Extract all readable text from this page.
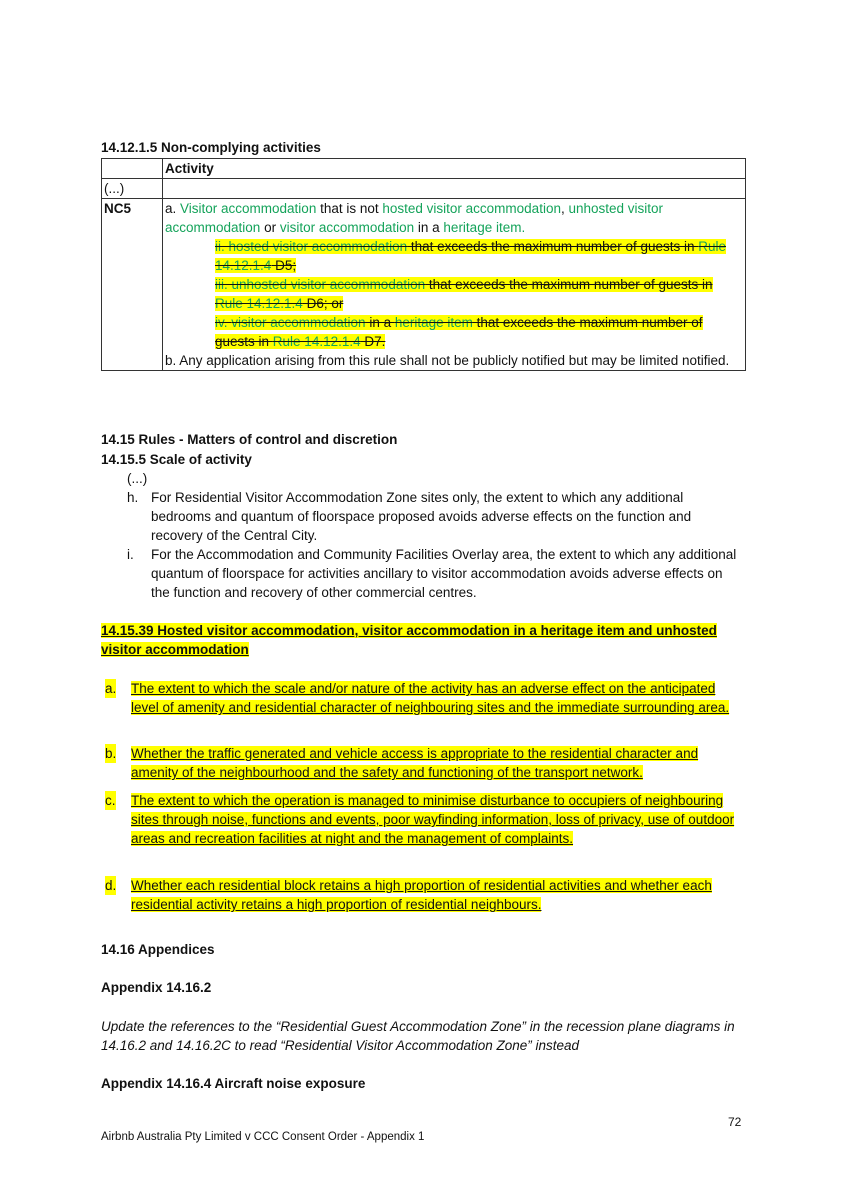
14.12.1.5 Non-complying activities
	Activity
(...)	
NC5	a. Visitor accommodation that is not hosted visitor accommodation, unhosted visitor accommodation or visitor accommodation in a heritage item.
ii. hosted visitor accommodation that exceeds the maximum number of guests in Rule 14.12.1.4 D5;
iii. unhosted visitor accommodation that exceeds the maximum number of guests in Rule 14.12.1.4 D6; or
iv. visitor accommodation in a heritage item that exceeds the maximum number of guests in Rule 14.12.1.4 D7.
b. Any application arising from this rule shall not be publicly notified but may be limited notified.
14.15 Rules - Matters of control and discretion
14.15.5 Scale of activity
(...)
h. For Residential Visitor Accommodation Zone sites only, the extent to which any additional bedrooms and quantum of floorspace proposed avoids adverse effects on the function and recovery of the Central City.
i. For the Accommodation and Community Facilities Overlay area, the extent to which any additional quantum of floorspace for activities ancillary to visitor accommodation avoids adverse effects on the function and recovery of other commercial centres.
14.15.39 Hosted visitor accommodation, visitor accommodation in a heritage item and unhosted visitor accommodation
a. The extent to which the scale and/or nature of the activity has an adverse effect on the anticipated level of amenity and residential character of neighbouring sites and the immediate surrounding area.
b. Whether the traffic generated and vehicle access is appropriate to the residential character and amenity of the neighbourhood and the safety and functioning of the transport network.
c. The extent to which the operation is managed to minimise disturbance to occupiers of neighbouring sites through noise, functions and events, poor wayfinding information, loss of privacy, use of outdoor areas and recreation facilities at night and the management of complaints.
d. Whether each residential block retains a high proportion of residential activities and whether each residential activity retains a high proportion of residential neighbours.
14.16 Appendices
Appendix 14.16.2
Update the references to the “Residential Guest Accommodation Zone” in the recession plane diagrams in 14.16.2 and 14.16.2C to read “Residential Visitor Accommodation Zone” instead
Appendix 14.16.4 Aircraft noise exposure
72
Airbnb Australia Pty Limited v CCC Consent Order - Appendix 1
